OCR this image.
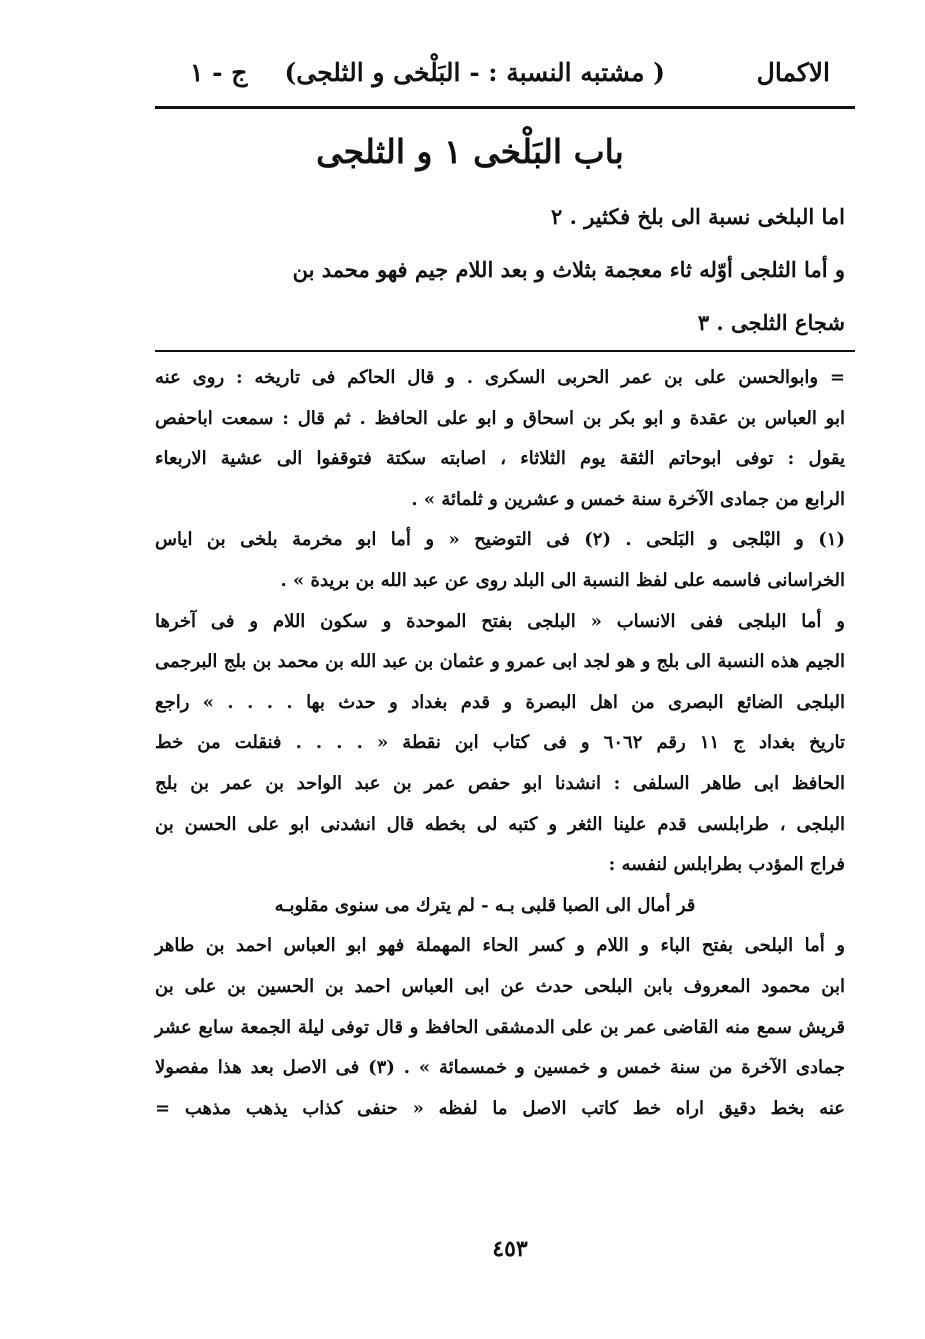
الاكمال
( مشتبه النسبة : - البَلْخى و الثلجى)
ج - ١
باب البَلْخى ١ و الثلجى

اما البلخى نسبة الى بلخ فكثير . ٢

و أما الثلجى أوّله ثاء معجمة بثلاث و بعد اللام جيم فهو محمد بن

شجاع الثلجى . ٣

= وابوالحسن على بن عمر الحربى السكرى . و قال الحاكم فى تاريخه : روى عنه

ابو العباس بن عقدة و ابو بكر بن اسحاق و ابو على الحافظ . ثم قال : سمعت اباحفص

يقول : توفى ابوحاتم الثقة يوم الثلاثاء ، اصابته سكتة فتوقفوا الى عشية الاربعاء

الرابع من جمادى الآخرة سنة خمس و عشرين و ثلمائة » .

(١) و البْلجى و البَلحى . (٢) فى التوضيح « و أما ابو مخرمة بلخى بن اياس

الخراسانى فاسمه على لفظ النسبة الى البلد روى عن عبد الله بن بريدة » .

و أما البلجى ففى الانساب « البلجى بفتح الموحدة و سكون اللام و فى آخرها

الجيم هذه النسبة الى بلج و هو لجد ابى عمرو و عثمان بن عبد الله بن محمد بن بلج البرجمى

البلجى الضائع البصرى من اهل البصرة و قدم بغداد و حدث بها . . . . » راجع

تاريخ بغداد ج ١١ رقم ٦٠٦٢ و فى كتاب ابن نقطة « . . . . فنقلت من خط

الحافظ ابى طاهر السلفى : انشدنا ابو حفص عمر بن عبد الواحد بن عمر بن بلج

البلجى ، طرابلسى قدم علينا الثغر و كتبه لى بخطه قال انشدنى ابو على الحسن بن

فراج المؤدب بطرابلس لنفسه :

قر أمال الى الصبا قلبى بـه - لم يترك مى سنوى مقلوبـه

و أما البلحى بفتح الباء و اللام و كسر الحاء المهملة فهو ابو العباس احمد بن طاهر

ابن محمود المعروف بابن البلحى حدث عن ابى العباس احمد بن الحسين بن على بن

قريش سمع منه القاضى عمر بن على الدمشقى الحافظ و قال توفى ليلة الجمعة سابع عشر

جمادى الآخرة من سنة خمس و خمسين و خمسمائة » . (٣) فى الاصل بعد هذا مفصولا

عنه بخط دقيق اراه خط كاتب الاصل ما لفظه « حنفى كذاب يذهب مذهب =

٤٥٣
